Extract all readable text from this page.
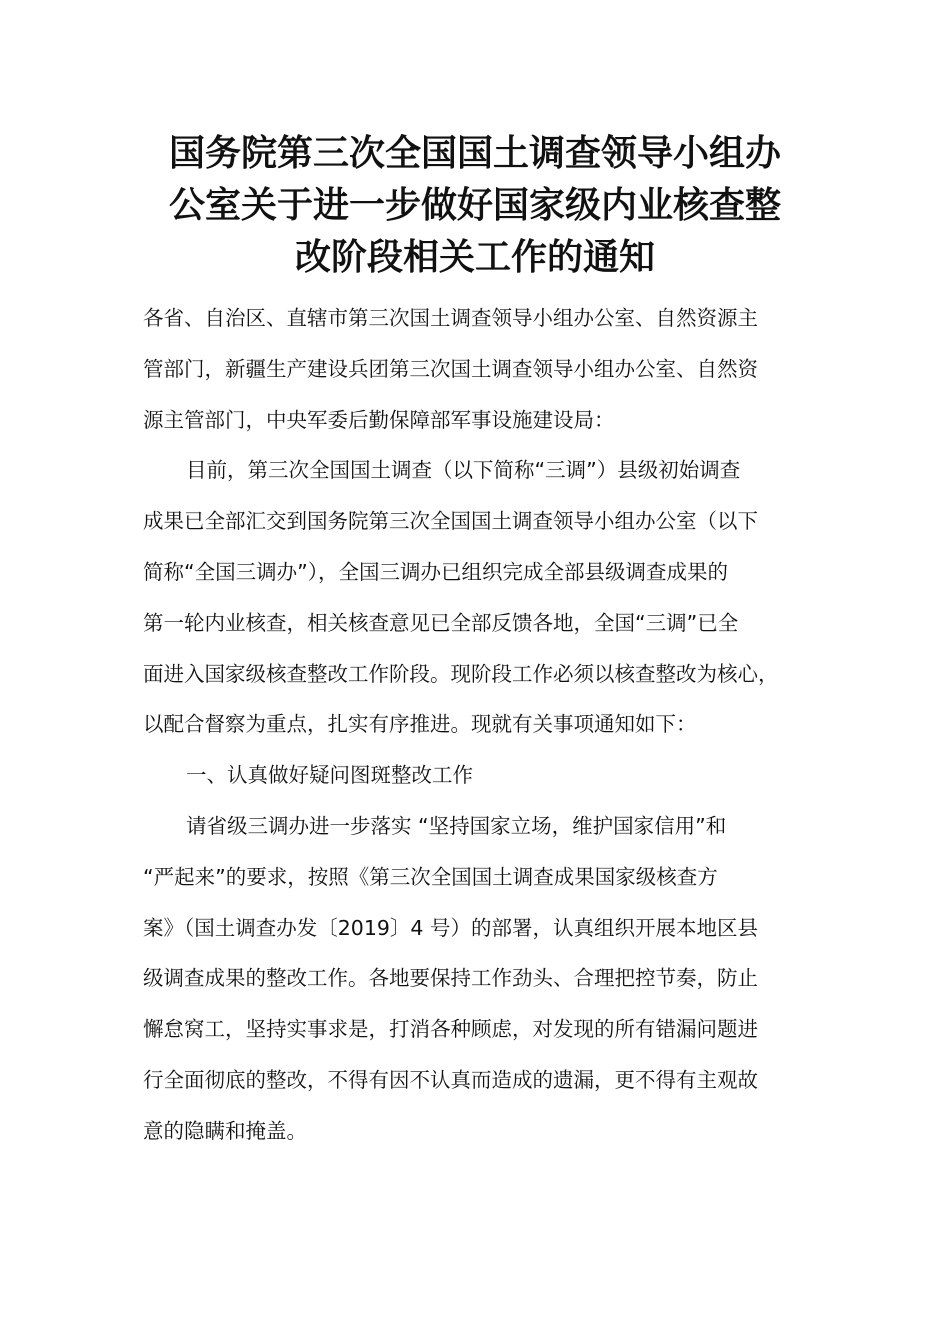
国务院第三次全国国土调查领导小组办
公室关于进一步做好国家级内业核查整
改阶段相关工作的通知
各省、自治区、直辖市第三次国土调查领导小组办公室、自然资源主
管部门，新疆生产建设兵团第三次国土调查领导小组办公室、自然资
源主管部门，中央军委后勤保障部军事设施建设局：
目前，第三次全国国土调查（以下简称“三调”）县级初始调查
成果已全部汇交到国务院第三次全国国土调查领导小组办公室（以下
简称“全国三调办”），全国三调办已组织完成全部县级调查成果的
第一轮内业核查，相关核查意见已全部反馈各地，全国“三调”已全
面进入国家级核查整改工作阶段。现阶段工作必须以核查整改为核心，
以配合督察为重点，扎实有序推进。现就有关事项通知如下：
一、认真做好疑问图斑整改工作
请省级三调办进一步落实 “坚持国家立场，维护国家信用”和
“严起来”的要求，按照《第三次全国国土调查成果国家级核查方
案》（国土调查办发〔2019〕4 号）的部署，认真组织开展本地区县
级调查成果的整改工作。各地要保持工作劲头、合理把控节奏，防止
懈怠窝工，坚持实事求是，打消各种顾虑，对发现的所有错漏问题进
行全面彻底的整改，不得有因不认真而造成的遗漏，更不得有主观故
意的隐瞒和掩盖。
